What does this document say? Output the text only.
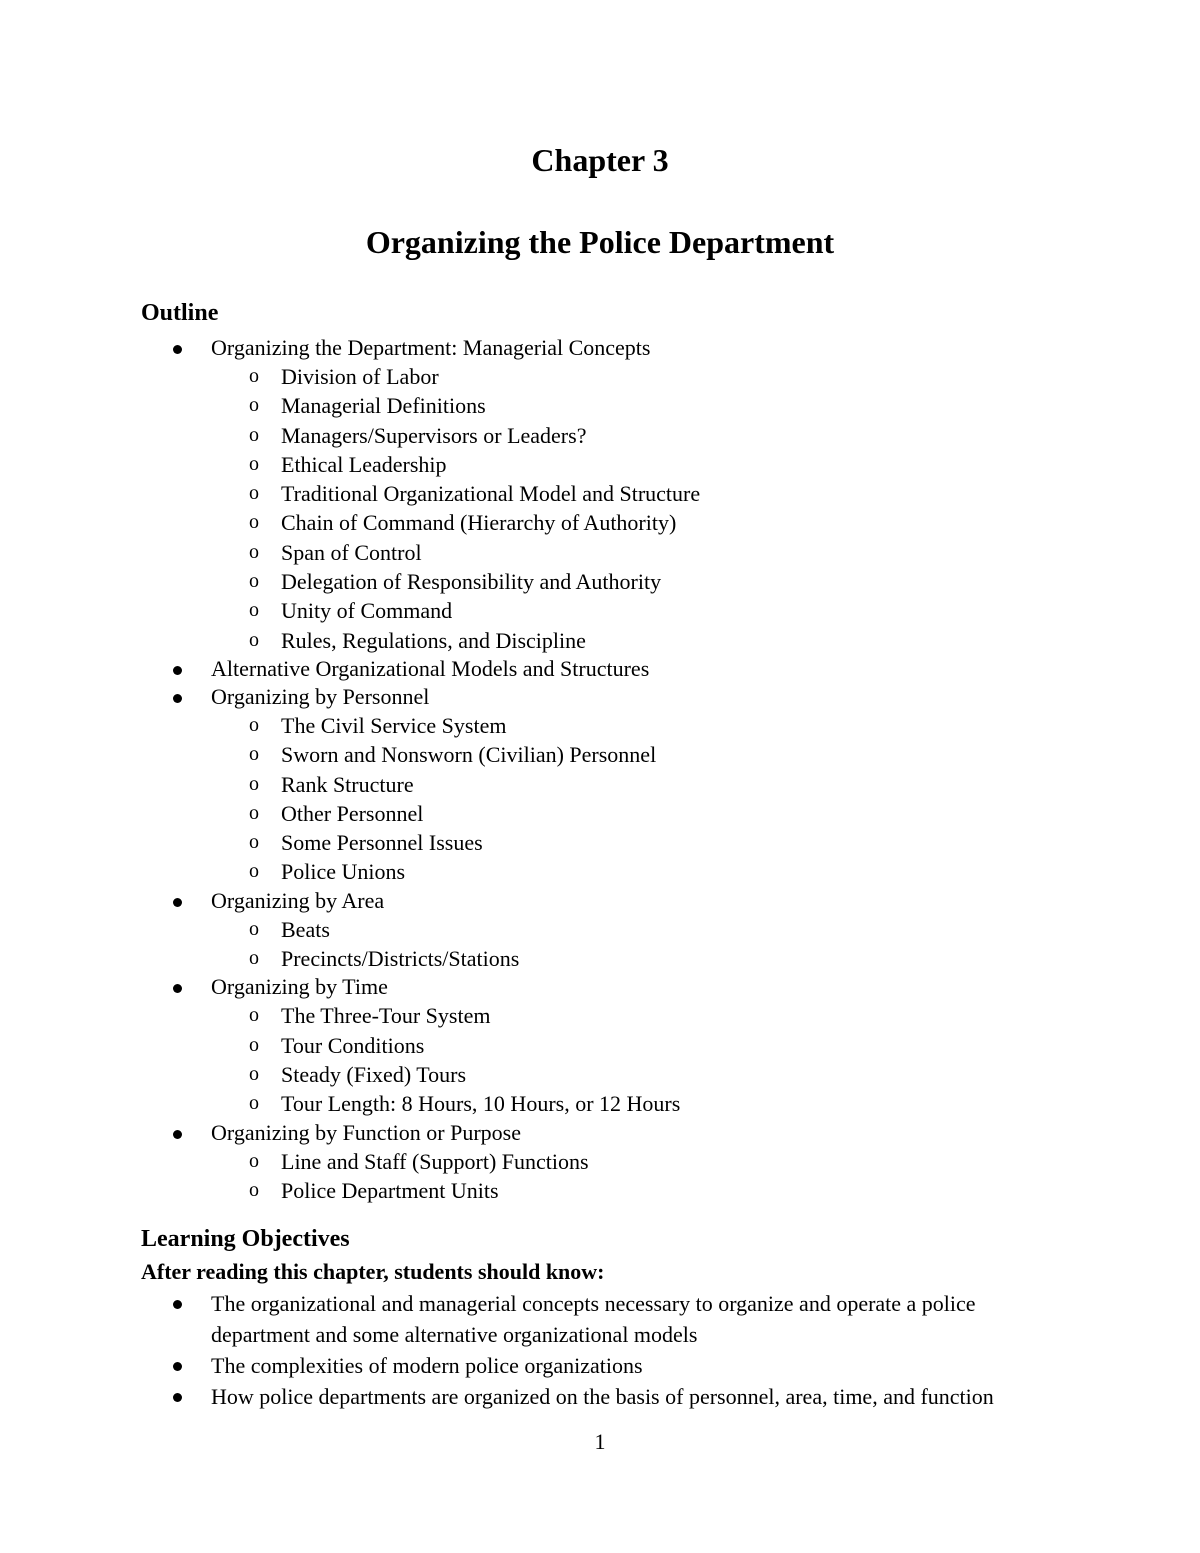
Chapter 3
Organizing the Police Department
Outline
Organizing the Department: Managerial Concepts
o Division of Labor
o Managerial Definitions
o Managers/Supervisors or Leaders?
o Ethical Leadership
o Traditional Organizational Model and Structure
o Chain of Command (Hierarchy of Authority)
o Span of Control
o Delegation of Responsibility and Authority
o Unity of Command
o Rules, Regulations, and Discipline
Alternative Organizational Models and Structures
Organizing by Personnel
o The Civil Service System
o Sworn and Nonsworn (Civilian) Personnel
o Rank Structure
o Other Personnel
o Some Personnel Issues
o Police Unions
Organizing by Area
o Beats
o Precincts/Districts/Stations
Organizing by Time
o The Three-Tour System
o Tour Conditions
o Steady (Fixed) Tours
o Tour Length: 8 Hours, 10 Hours, or 12 Hours
Organizing by Function or Purpose
o Line and Staff (Support) Functions
o Police Department Units
Learning Objectives
After reading this chapter, students should know:
The organizational and managerial concepts necessary to organize and operate a police department and some alternative organizational models
The complexities of modern police organizations
How police departments are organized on the basis of personnel, area, time, and function
1
